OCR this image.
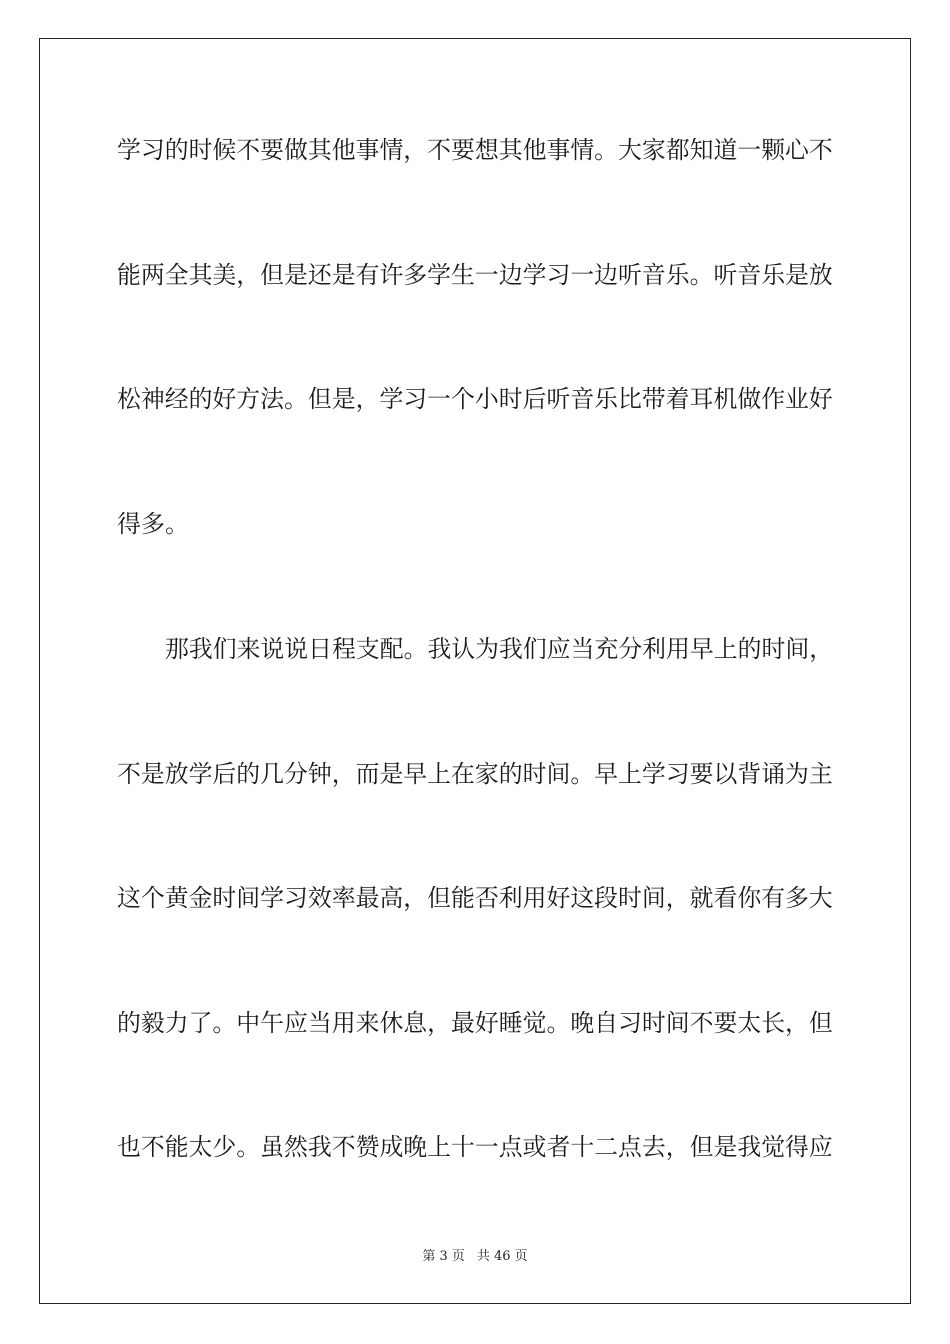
学习的时候不要做其他事情，不要想其他事情。大家都知道一颗心不
能两全其美，但是还是有许多学生一边学习一边听音乐。听音乐是放
松神经的好方法。但是，学习一个小时后听音乐比带着耳机做作业好
得多。
那我们来说说日程支配。我认为我们应当充分利用早上的时间，
不是放学后的几分钟，而是早上在家的时间。早上学习要以背诵为主
这个黄金时间学习效率最高，但能否利用好这段时间，就看你有多大
的毅力了。中午应当用来休息，最好睡觉。晚自习时间不要太长，但
也不能太少。虽然我不赞成晚上十一点或者十二点去，但是我觉得应
第 3 页 共 46 页
